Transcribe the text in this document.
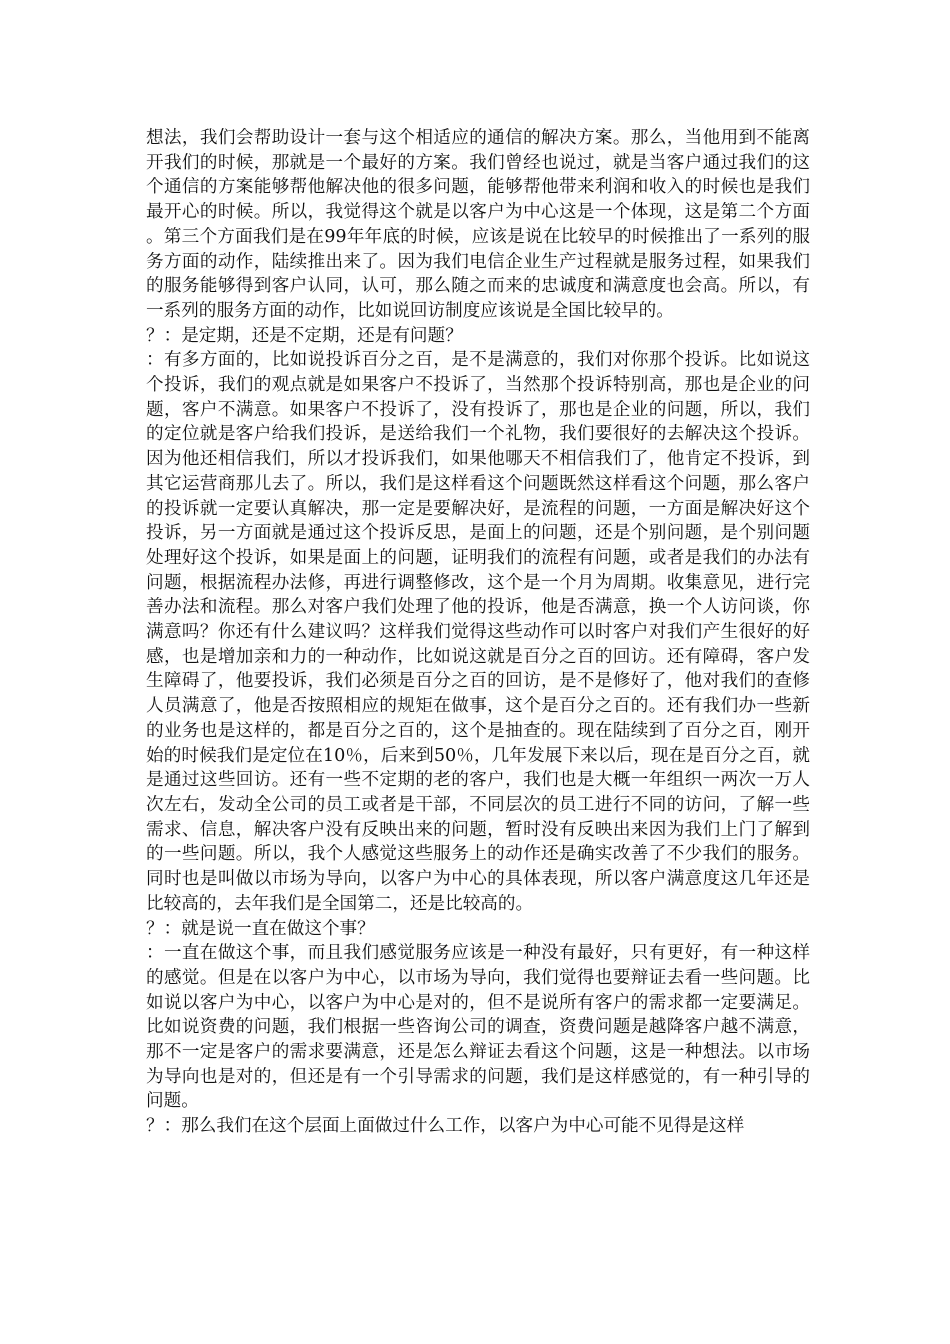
想法，我们会帮助设计一套与这个相适应的通信的解决方案。那么，当他用到不能离开我们的时候，那就是一个最好的方案。我们曾经也说过，就是当客户通过我们的这个通信的方案能够帮他解决他的很多问题，能够帮他带来利润和收入的时候也是我们最开心的时候。所以，我觉得这个就是以客户为中心这是一个体现，这是第二个方面。第三个方面我们是在99年年底的时候，应该是说在比较早的时候推出了一系列的服务方面的动作，陆续推出来了。因为我们电信企业生产过程就是服务过程，如果我们的服务能够得到客户认同，认可，那么随之而来的忠诚度和满意度也会高。所以，有一系列的服务方面的动作，比如说回访制度应该说是全国比较早的。

？：是定期，还是不定期，还是有问题？

：有多方面的，比如说投诉百分之百，是不是满意的，我们对你那个投诉。比如说这个投诉，我们的观点就是如果客户不投诉了，当然那个投诉特别高，那也是企业的问题，客户不满意。如果客户不投诉了，没有投诉了，那也是企业的问题，所以，我们的定位就是客户给我们投诉，是送给我们一个礼物，我们要很好的去解决这个投诉。因为他还相信我们，所以才投诉我们，如果他哪天不相信我们了，他肯定不投诉，到其它运营商那儿去了。所以，我们是这样看这个问题既然这样看这个问题，那么客户的投诉就一定要认真解决，那一定是要解决好，是流程的问题，一方面是解决好这个投诉，另一方面就是通过这个投诉反思，是面上的问题，还是个别问题，是个别问题处理好这个投诉，如果是面上的问题，证明我们的流程有问题，或者是我们的办法有问题，根据流程办法修，再进行调整修改，这个是一个月为周期。收集意见，进行完善办法和流程。那么对客户我们处理了他的投诉，他是否满意，换一个人访问谈，你满意吗？你还有什么建议吗？这样我们觉得这些动作可以时客户对我们产生很好的好感，也是增加亲和力的一种动作，比如说这就是百分之百的回访。还有障碍，客户发生障碍了，他要投诉，我们必须是百分之百的回访，是不是修好了，他对我们的查修人员满意了，他是否按照相应的规矩在做事，这个是百分之百的。还有我们办一些新的业务也是这样的，都是百分之百的，这个是抽查的。现在陆续到了百分之百，刚开始的时候我们是定位在10％，后来到50％，几年发展下来以后，现在是百分之百，就是通过这些回访。还有一些不定期的老的客户，我们也是大概一年组织一两次一万人次左右，发动全公司的员工或者是干部，不同层次的员工进行不同的访问，了解一些需求、信息，解决客户没有反映出来的问题，暂时没有反映出来因为我们上门了解到的一些问题。所以，我个人感觉这些服务上的动作还是确实改善了不少我们的服务。同时也是叫做以市场为导向，以客户为中心的具体表现，所以客户满意度这几年还是比较高的，去年我们是全国第二，还是比较高的。

？：就是说一直在做这个事？

：一直在做这个事，而且我们感觉服务应该是一种没有最好，只有更好，有一种这样的感觉。但是在以客户为中心，以市场为导向，我们觉得也要辩证去看一些问题。比如说以客户为中心，以客户为中心是对的，但不是说所有客户的需求都一定要满足。比如说资费的问题，我们根据一些咨询公司的调查，资费问题是越降客户越不满意，那不一定是客户的需求要满意，还是怎么辩证去看这个问题，这是一种想法。以市场为导向也是对的，但还是有一个引导需求的问题，我们是这样感觉的，有一种引导的问题。

？：那么我们在这个层面上面做过什么工作，以客户为中心可能不见得是这样
